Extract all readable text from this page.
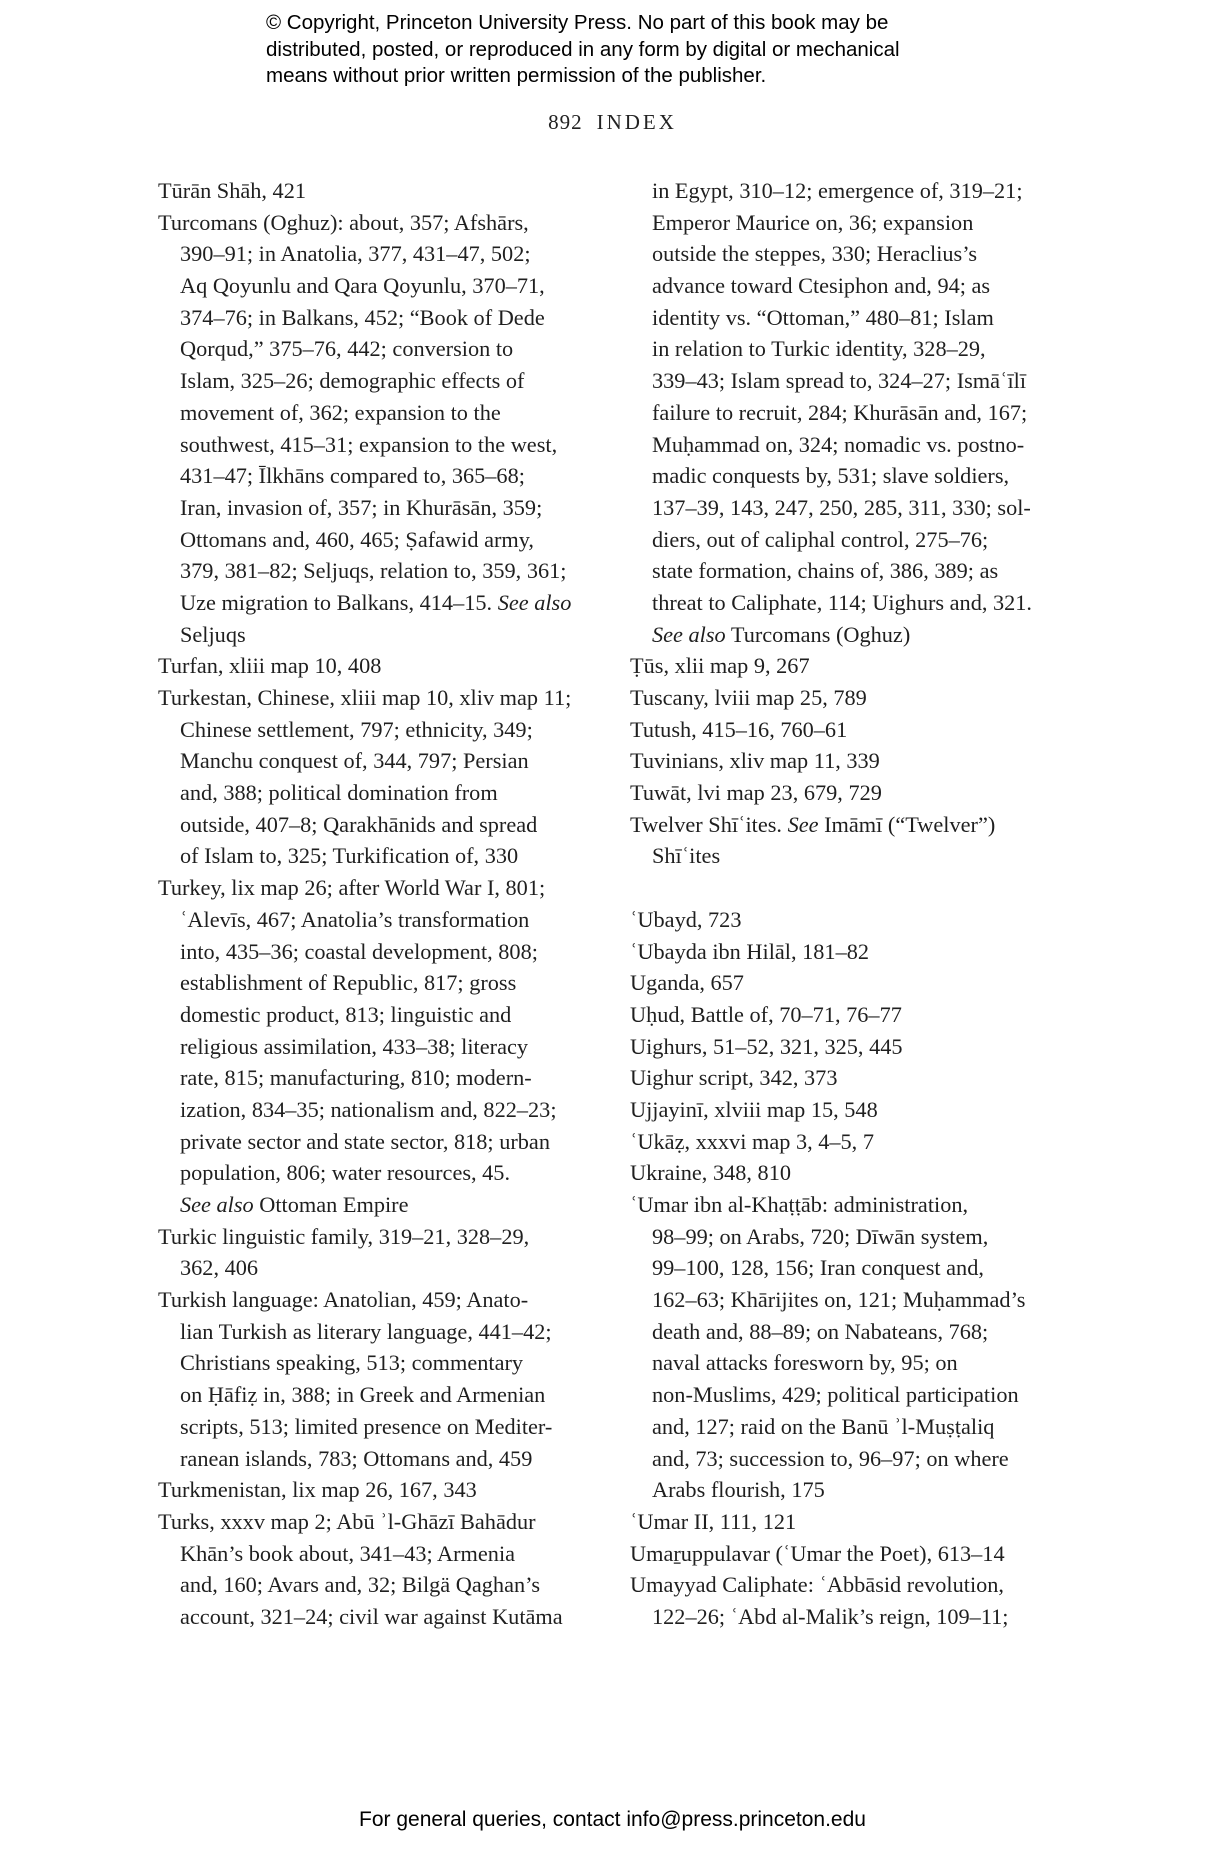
© Copyright, Princeton University Press. No part of this book may be
distributed, posted, or reproduced in any form by digital or mechanical
means without prior written permission of the publisher.
892 INDEX
Tūrān Shāh, 421
Turcomans (Oghuz): about, 357; Afshārs,
390–91; in Anatolia, 377, 431–47, 502;
Aq Qoyunlu and Qara Qoyunlu, 370–71,
374–76; in Balkans, 452; “Book of Dede
Qorqud,” 375–76, 442; conversion to
Islam, 325–26; demographic effects of
movement of, 362; expansion to the
southwest, 415–31; expansion to the west,
431–47; Īlkhāns compared to, 365–68;
Iran, invasion of, 357; in Khurāsān, 359;
Ottomans and, 460, 465; Ṣafawid army,
379, 381–82; Seljuqs, relation to, 359, 361;
Uze migration to Balkans, 414–15. See also
Seljuqs
Turfan, xliii map 10, 408
Turkestan, Chinese, xliii map 10, xliv map 11;
Chinese settlement, 797; ethnicity, 349;
Manchu conquest of, 344, 797; Persian
and, 388; political domination from
outside, 407–8; Qarakhānids and spread
of Islam to, 325; Turkification of, 330
Turkey, lix map 26; after World War I, 801;
ʿAlevīs, 467; Anatolia’s transformation
into, 435–36; coastal development, 808;
establishment of Republic, 817; gross
domestic product, 813; linguistic and
religious assimilation, 433–38; literacy
rate, 815; manufacturing, 810; modern-
ization, 834–35; nationalism and, 822–23;
private sector and state sector, 818; urban
population, 806; water resources, 45.
See also Ottoman Empire
Turkic linguistic family, 319–21, 328–29,
362, 406
Turkish language: Anatolian, 459; Anato-
lian Turkish as literary language, 441–42;
Christians speaking, 513; commentary
on Ḥāfiẓ in, 388; in Greek and Armenian
scripts, 513; limited presence on Mediter-
ranean islands, 783; Ottomans and, 459
Turkmenistan, lix map 26, 167, 343
Turks, xxxv map 2; Abū ʾl-Ghāzī Bahādur
Khān’s book about, 341–43; Armenia
and, 160; Avars and, 32; Bilgä Qaghan’s
account, 321–24; civil war against Kutāma
in Egypt, 310–12; emergence of, 319–21;
Emperor Maurice on, 36; expansion
outside the steppes, 330; Heraclius’s
advance toward Ctesiphon and, 94; as
identity vs. “Ottoman,” 480–81; Islam
in relation to Turkic identity, 328–29,
339–43; Islam spread to, 324–27; Ismāʿīlī
failure to recruit, 284; Khurāsān and, 167;
Muḥammad on, 324; nomadic vs. postno-
madic conquests by, 531; slave soldiers,
137–39, 143, 247, 250, 285, 311, 330; sol-
diers, out of caliphal control, 275–76;
state formation, chains of, 386, 389; as
threat to Caliphate, 114; Uighurs and, 321.
See also Turcomans (Oghuz)
Ṭūs, xlii map 9, 267
Tuscany, lviii map 25, 789
Tutush, 415–16, 760–61
Tuvinians, xliv map 11, 339
Tuwāt, lvi map 23, 679, 729
Twelver Shīʿites. See Imāmī (“Twelver”)
Shīʿites
ʿUbayd, 723
ʿUbayda ibn Hilāl, 181–82
Uganda, 657
Uḥud, Battle of, 70–71, 76–77
Uighurs, 51–52, 321, 325, 445
Uighur script, 342, 373
Ujjayinī, xlviii map 15, 548
ʿUkāẓ, xxxvi map 3, 4–5, 7
Ukraine, 348, 810
ʿUmar ibn al-Khaṭṭāb: administration,
98–99; on Arabs, 720; Dīwān system,
99–100, 128, 156; Iran conquest and,
162–63; Khārijites on, 121; Muḥammad’s
death and, 88–89; on Nabateans, 768;
naval attacks foresworn by, 95; on
non-Muslims, 429; political participation
and, 127; raid on the Banū ʾl-Muṣṭaliq
and, 73; succession to, 96–97; on where
Arabs flourish, 175
ʿUmar II, 111, 121
Umaṟuppulavar (ʿUmar the Poet), 613–14
Umayyad Caliphate: ʿAbbāsid revolution,
122–26; ʿAbd al-Malik’s reign, 109–11;
For general queries, contact info@press.princeton.edu
